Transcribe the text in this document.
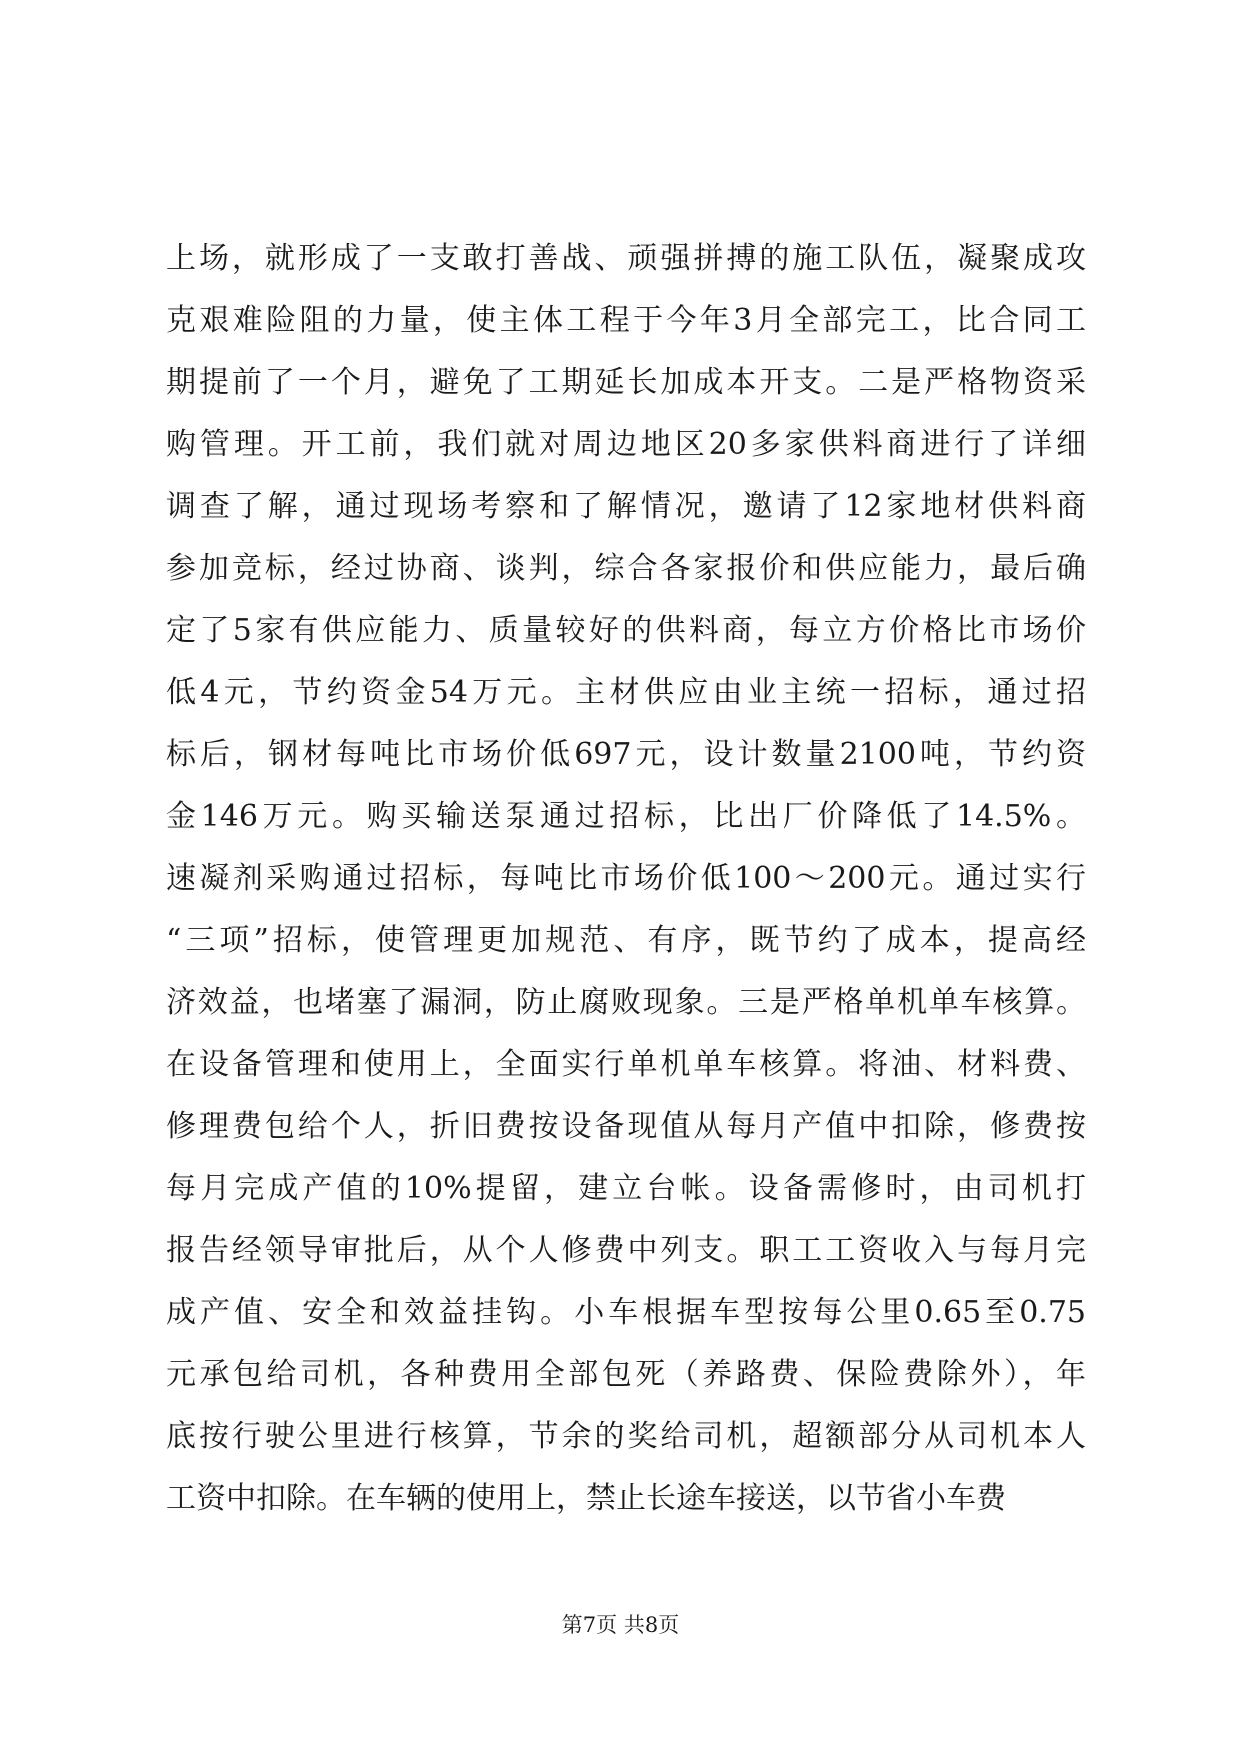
上场，就形成了一支敢打善战、顽强拼搏的施工队伍，凝聚成攻
克艰难险阻的力量，使主体工程于今年3月全部完工，比合同工
期提前了一个月，避免了工期延长加成本开支。二是严格物资采
购管理。开工前，我们就对周边地区20多家供料商进行了详细
调查了解，通过现场考察和了解情况，邀请了12家地材供料商
参加竞标，经过协商、谈判，综合各家报价和供应能力，最后确
定了5家有供应能力、质量较好的供料商，每立方价格比市场价
低4元，节约资金54万元。主材供应由业主统一招标，通过招
标后，钢材每吨比市场价低697元，设计数量2100吨，节约资
金146万元。购买输送泵通过招标，比出厂价降低了14.5%。
速凝剂采购通过招标，每吨比市场价低100～200元。通过实行
“三项”招标，使管理更加规范、有序，既节约了成本，提高经
济效益，也堵塞了漏洞，防止腐败现象。三是严格单机单车核算。
在设备管理和使用上，全面实行单机单车核算。将油、材料费、
修理费包给个人，折旧费按设备现值从每月产值中扣除，修费按
每月完成产值的10%提留，建立台帐。设备需修时，由司机打
报告经领导审批后，从个人修费中列支。职工工资收入与每月完
成产值、安全和效益挂钩。小车根据车型按每公里0.65至0.75
元承包给司机，各种费用全部包死（养路费、保险费除外），年
底按行驶公里进行核算，节余的奖给司机，超额部分从司机本人
工资中扣除。在车辆的使用上，禁止长途车接送，以节省小车费
第7页 共8页
